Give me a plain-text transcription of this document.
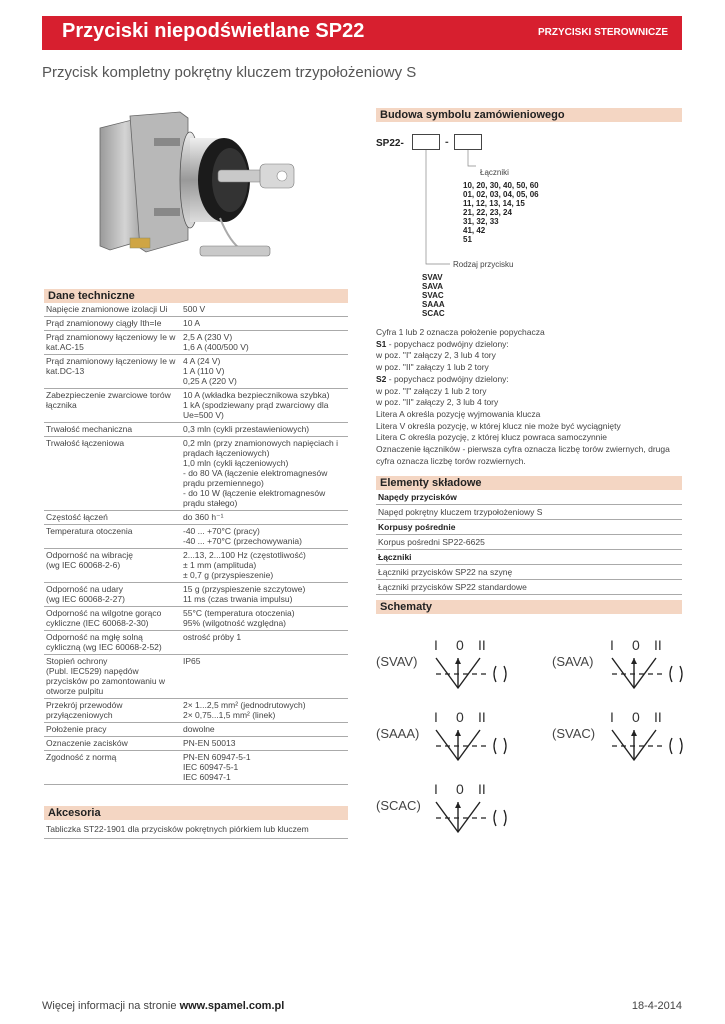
Przyciski niepodświetlane SP22	PRZYCISKI STEROWNICZE
Przycisk kompletny pokrętny kluczem trzypołożeniowy S
Dane techniczne
Napięcie znamionowe izolacji Ui	500 V
Prąd znamionowy ciągły Ith=Ie	10 A
Prąd znamionowy łączeniowy Ie w kat.AC-15	2,5 A (230 V)
1,6 A (400/500 V)
Prąd znamionowy łączeniowy Ie w kat.DC-13	4 A (24 V)
1 A (110 V)
0,25 A (220 V)
Zabezpieczenie zwarciowe torów łącznika	10 A (wkładka bezpiecznikowa szybka)
1 kA (spodziewany prąd zwarciowy dla Ue=500 V)
Trwałość mechaniczna	0,3 mln (cykli przestawieniowych)
Trwałość łączeniowa	0,2 mln (przy znamionowych napięciach i prądach łączeniowych)
1,0 mln (cykli łączeniowych)
- do 80 VA (łączenie elektromagnesów prądu przemiennego)
- do 10 W (łączenie elektromagnesów prądu stałego)
Częstość łączeń	do 360 h⁻¹
Temperatura otoczenia	-40 ... +70°C (pracy)
-40 ... +70°C (przechowywania)
Odporność na wibrację
(wg IEC 60068-2-6)	2...13, 2...100 Hz (częstotliwość)
± 1 mm (amplituda)
± 0,7 g (przyspieszenie)
Odporność na udary
(wg IEC 60068-2-27)	15 g (przyspieszenie szczytowe)
11 ms (czas trwania impulsu)
Odporność na wilgotne gorąco cykliczne (IEC 60068-2-30)	55°C (temperatura otoczenia)
95% (wilgotność względna)
Odporność na mgłę solną cykliczną (wg IEC 60068-2-52)	ostrość próby 1
Stopień ochrony
(Publ. IEC529) napędów przycisków po zamontowaniu w otworze pulpitu	IP65
Przekrój przewodów przyłączeniowych	2× 1...2,5 mm² (jednodrutowych)
2× 0,75...1,5 mm² (linek)
Położenie pracy	dowolne
Oznaczenie zacisków	PN-EN 50013
Zgodność z normą	PN-EN 60947-5-1
IEC 60947-5-1
IEC 60947-1
Akcesoria
Tabliczka ST22-1901 dla przycisków pokrętnych piórkiem lub kluczem
Budowa symbolu zamówieniowego
SP22-	-
Łączniki
10, 20, 30, 40, 50, 60
01, 02, 03, 04, 05, 06
11, 12, 13, 14, 15
21, 22, 23, 24
31, 32, 33
41, 42
51
Rodzaj przycisku
SVAV
SAVA
SVAC
SAAA
SCAC
Cyfra 1 lub 2 oznacza położenie popychacza
S1 - popychacz podwójny dzielony:
w poz. "I" załączy 2, 3 lub 4 tory
w poz. "II" załączy 1 lub 2 tory
S2 - popychacz podwójny dzielony:
w poz. "I" załączy 1 lub 2 tory
w poz. "II" załączy 2, 3 lub 4 tory
Litera A określa pozycję wyjmowania klucza
Litera V określa pozycję, w której klucz nie może być wyciągnięty
Litera C określa pozycję, z której klucz powraca samoczynnie
Oznaczenie łączników - pierwsza cyfra oznacza liczbę torów zwiernych, druga cyfra oznacza liczbę torów rozwiernych.
Elementy składowe
Napędy przycisków
Napęd pokrętny kluczem trzypołożeniowy S
Korpusy pośrednie
Korpus pośredni SP22-6625
Łączniki
Łączniki przycisków SP22 na szynę
Łączniki przycisków SP22 standardowe
Schematy
(SVAV)
I 0 II
(SAVA)
I 0 II
(SAAA)
I 0 II
(SVAC)
I 0 II
(SCAC)
I 0 II
Więcej informacji na stronie www.spamel.com.pl	18-4-2014
